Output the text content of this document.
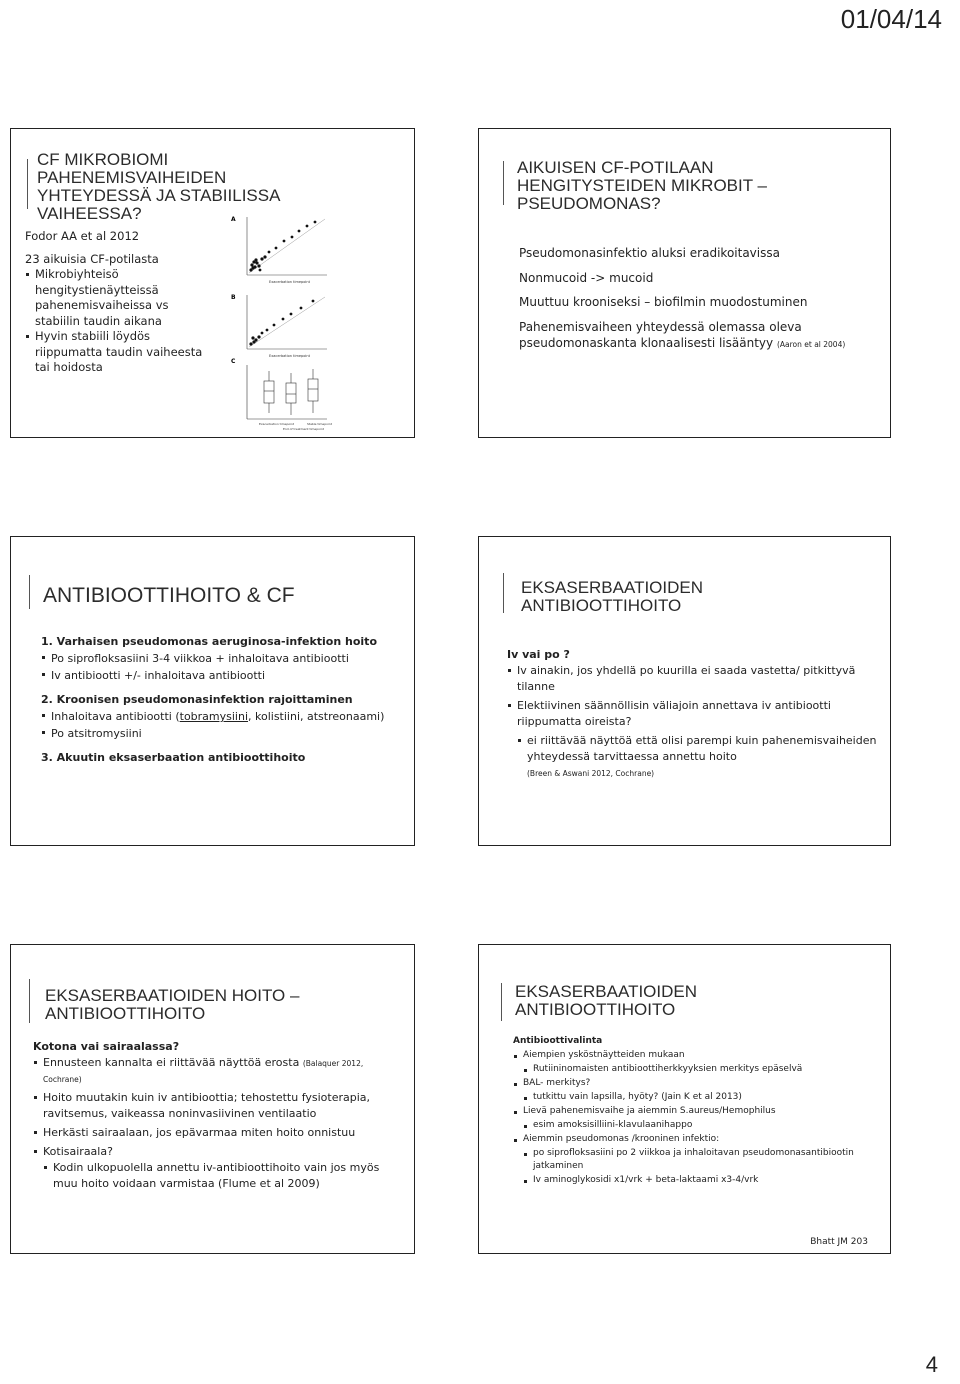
01/04/14
CF MIKROBIOMI PAHENEMISVAIHEIDEN YHTEYDESSÄ JA STABIILISSA VAIHEESSA?

Fodor AA et al 2012

23 aikuisia CF-potilasta

Mikrobiyhteisö hengitystienäytteissä pahenemisvaiheissa vs stabiilin taudin aikana

Hyvin stabiili löydös riippumatta taudin vaiheesta tai hoidosta

A
B
C
Exacerbation timepoint
Exacerbation timepoint
Exacerbation timepoint
End of treatment timepoint
Stable timepoint
AIKUISEN CF-POTILAAN HENGITYSTEIDEN MIKROBIT – PSEUDOMONAS?

Pseudomonasinfektio aluksi eradikoitavissa

Nonmucoid -> mucoid

Muuttuu krooniseksi – biofilmin muodostuminen

Pahenemisvaiheen yhteydessä olemassa oleva pseudomonaskanta klonaalisesti lisääntyy (Aaron et al 2004)

ANTIBIOOTTIHOITO & CF

1. Varhaisen pseudomonas aeruginosa-infektion hoito

Po siprofloksasiini 3-4 viikkoa + inhaloitava antibiootti

Iv antibiootti +/- inhaloitava antibiootti

2. Kroonisen pseudomonasinfektion rajoittaminen

Inhaloitava antibiootti (tobramysiini, kolistiini, atstreonaami)

Po atsitromysiini

3. Akuutin eksaserbaation antibioottihoito

EKSASERBAATIOIDEN ANTIBIOOTTIHOITO

Iv vai po ?

Iv ainakin, jos yhdellä po kuurilla ei saada vastetta/ pitkittyvä tilanne

Elektiivinen säännöllisin väliajoin annettava iv antibiootti riippumatta oireista?

ei riittävää näyttöä että olisi parempi kuin pahenemisvaiheiden yhteydessä tarvittaessa annettu hoito

(Breen & Aswani 2012, Cochrane)

EKSASERBAATIOIDEN HOITO –ANTIBIOOTTIHOITO

Kotona vai sairaalassa?

Ennusteen kannalta ei riittävää näyttöä erosta (Balaquer 2012, Cochrane)

Hoito muutakin kuin iv antibioottia; tehostettu fysioterapia, ravitsemus, vaikeassa noninvasiivinen ventilaatio

Herkästi sairaalaan, jos epävarmaa miten hoito onnistuu

Kotisairaala?

Kodin ulkopuolella annettu iv-antibioottihoito vain jos myös muu hoito voidaan varmistaa (Flume et al 2009)

EKSASERBAATIOIDEN ANTIBIOOTTIHOITO

Antibioottivalinta

Aiempien ysköstnäytteiden mukaan

Rutiininomaisten antibioottiherkkyyksien merkitys epäselvä

BAL- merkitys?

tutkittu vain lapsilla, hyöty? (Jain K et al 2013)

Lievä pahenemisvaihe ja aiemmin S.aureus/Hemophilus

esim amoksisilliini-klavulaanihappo

Aiemmin pseudomonas /krooninen infektio:

po siprofloksasiini po 2 viikkoa ja inhaloitavan pseudomonasantibiootin jatkaminen

Iv aminoglykosidi x1/vrk + beta-laktaami x3-4/vrk

Bhatt JM 203
4
